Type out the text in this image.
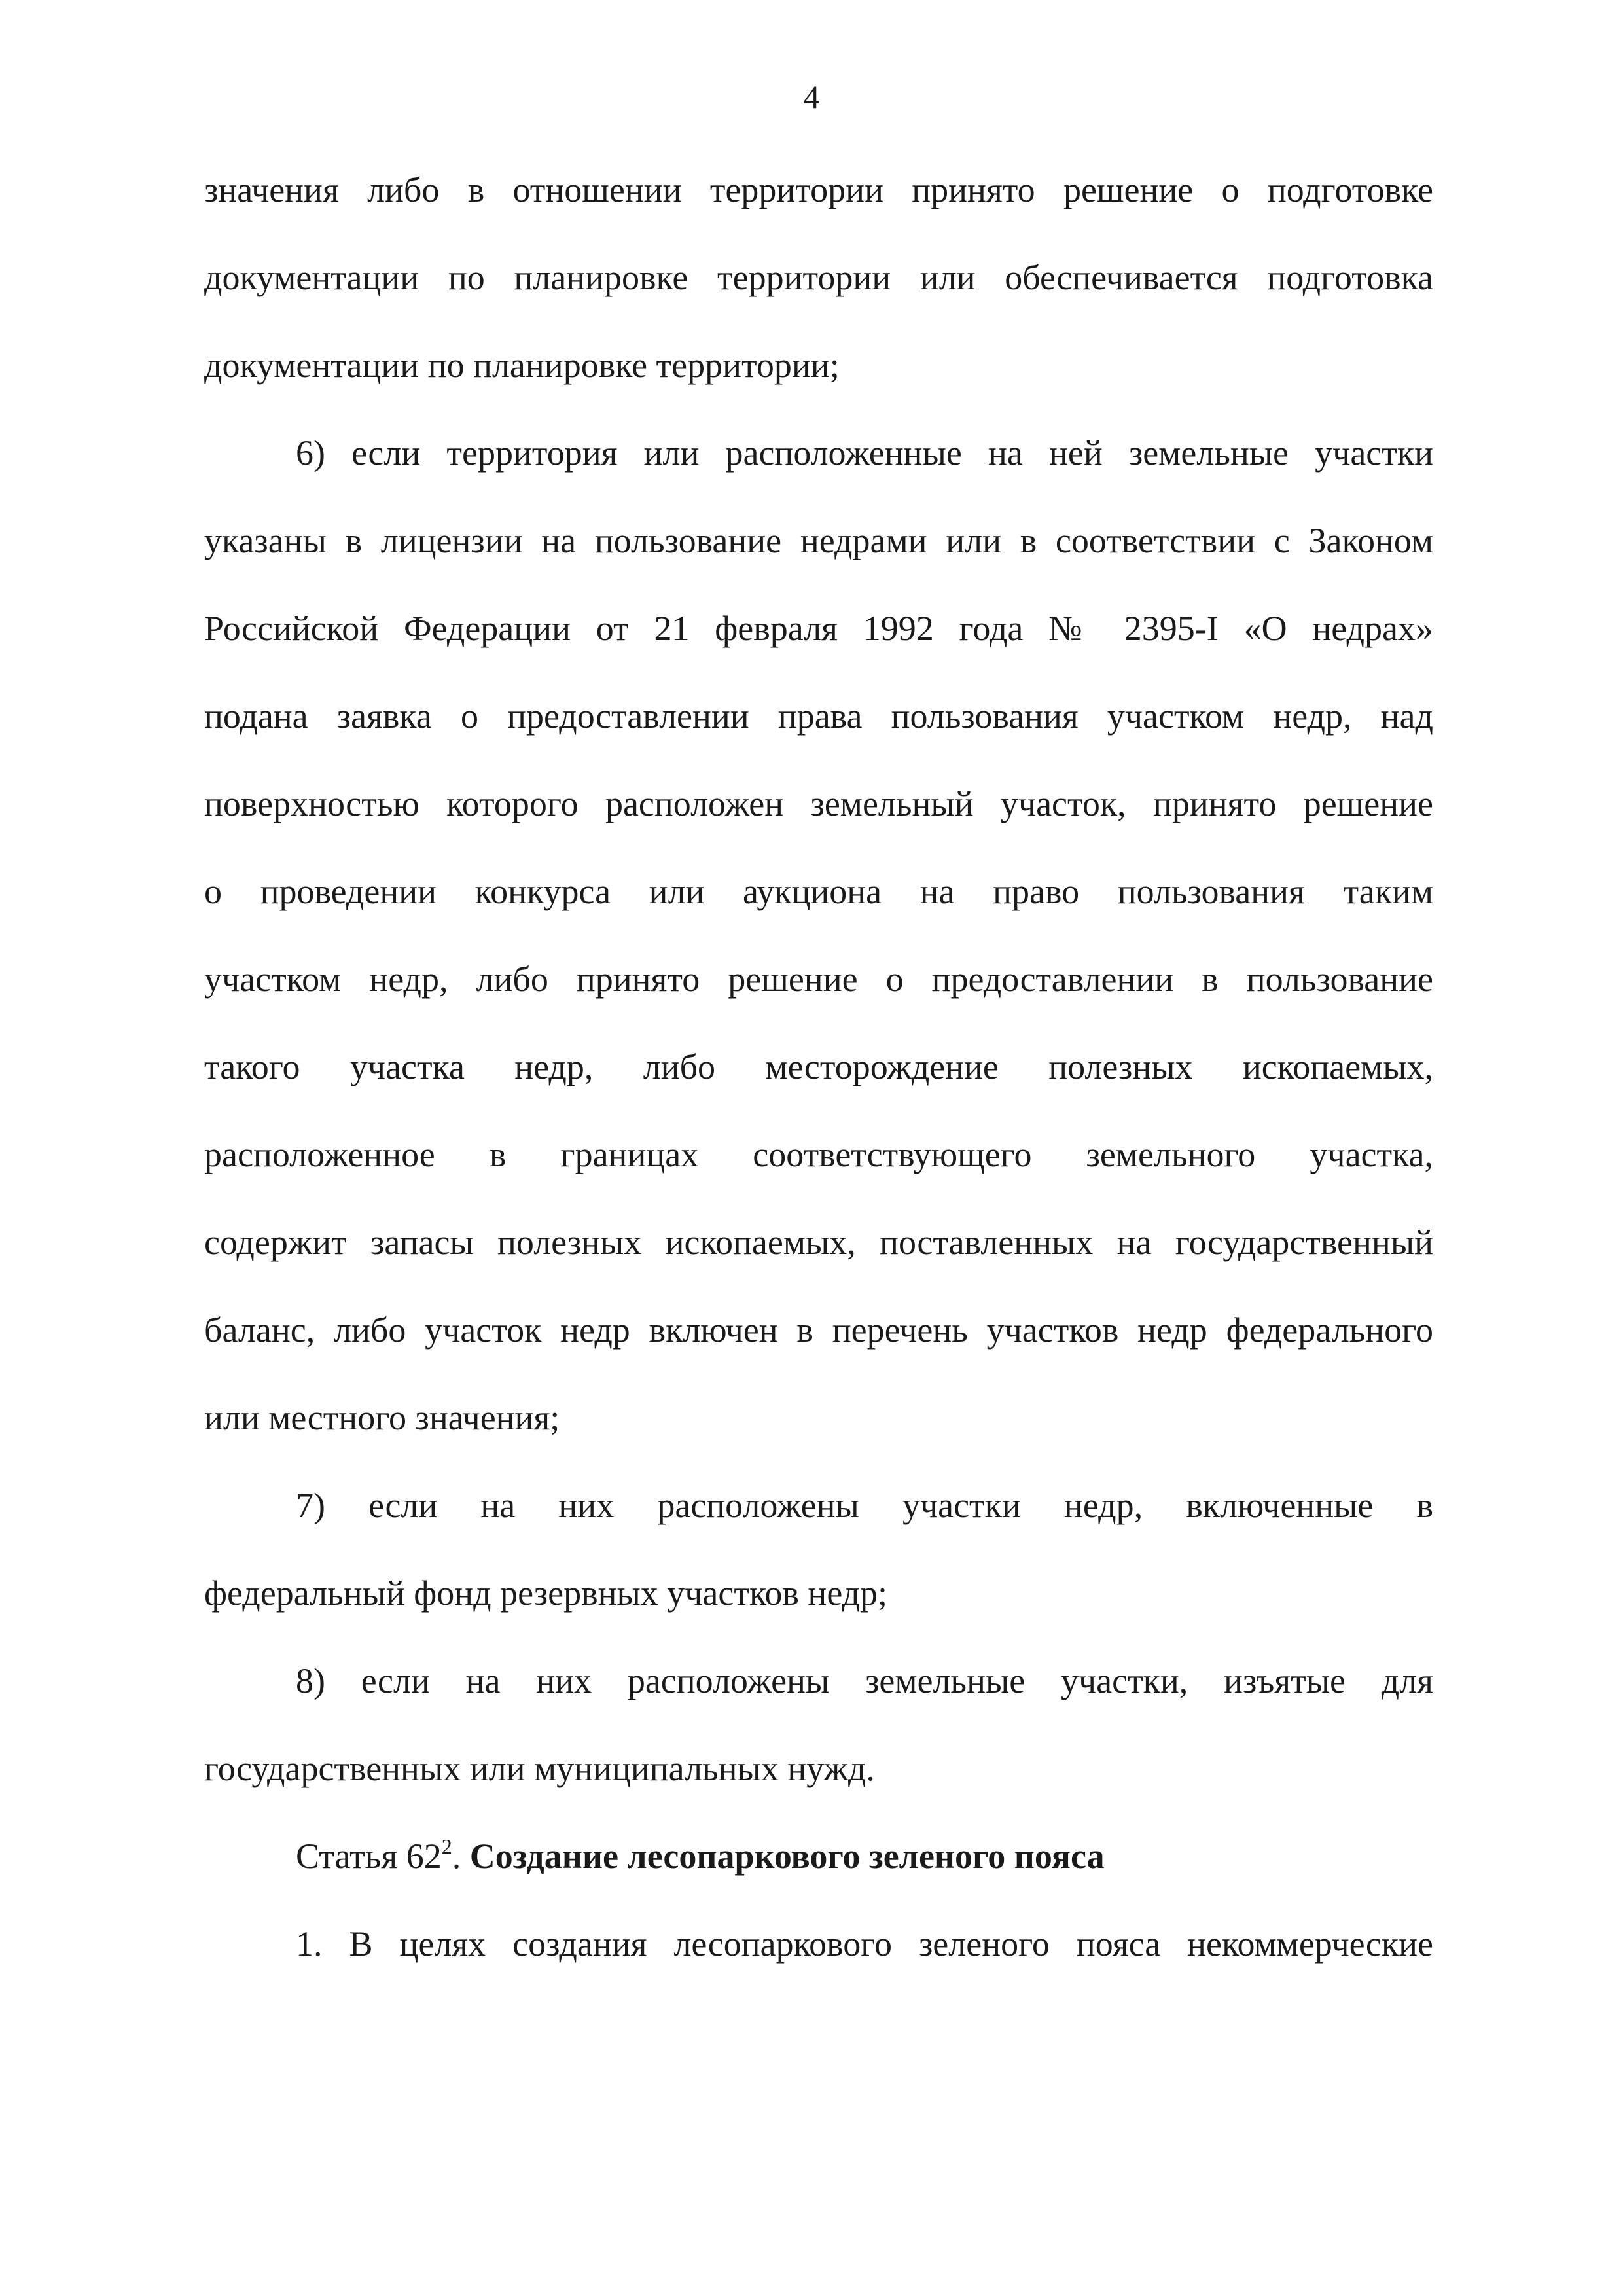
4
значения либо в отношении территории принято решение о подготовке
документации по планировке территории или обеспечивается подготовка
документации по планировке территории;
6) если территория или расположенные на ней земельные участки
указаны в лицензии на пользование недрами или в соответствии с Законом
Российской Федерации от 21 февраля 1992 года № 2395-I «О недрах»
подана заявка о предоставлении права пользования участком недр, над
поверхностью которого расположен земельный участок, принято решение
о проведении конкурса или аукциона на право пользования таким
участком недр, либо принято решение о предоставлении в пользование
такого участка недр, либо месторождение полезных ископаемых,
расположенное в границах соответствующего земельного участка,
содержит запасы полезных ископаемых, поставленных на государственный
баланс, либо участок недр включен в перечень участков недр федерального
или местного значения;
7) если на них расположены участки недр, включенные в
федеральный фонд резервных участков недр;
8) если на них расположены земельные участки, изъятые для
государственных или муниципальных нужд.
Статья $62^2$. Создание лесопаркового зеленого пояса
1. В целях создания лесопаркового зеленого пояса некоммерческие
